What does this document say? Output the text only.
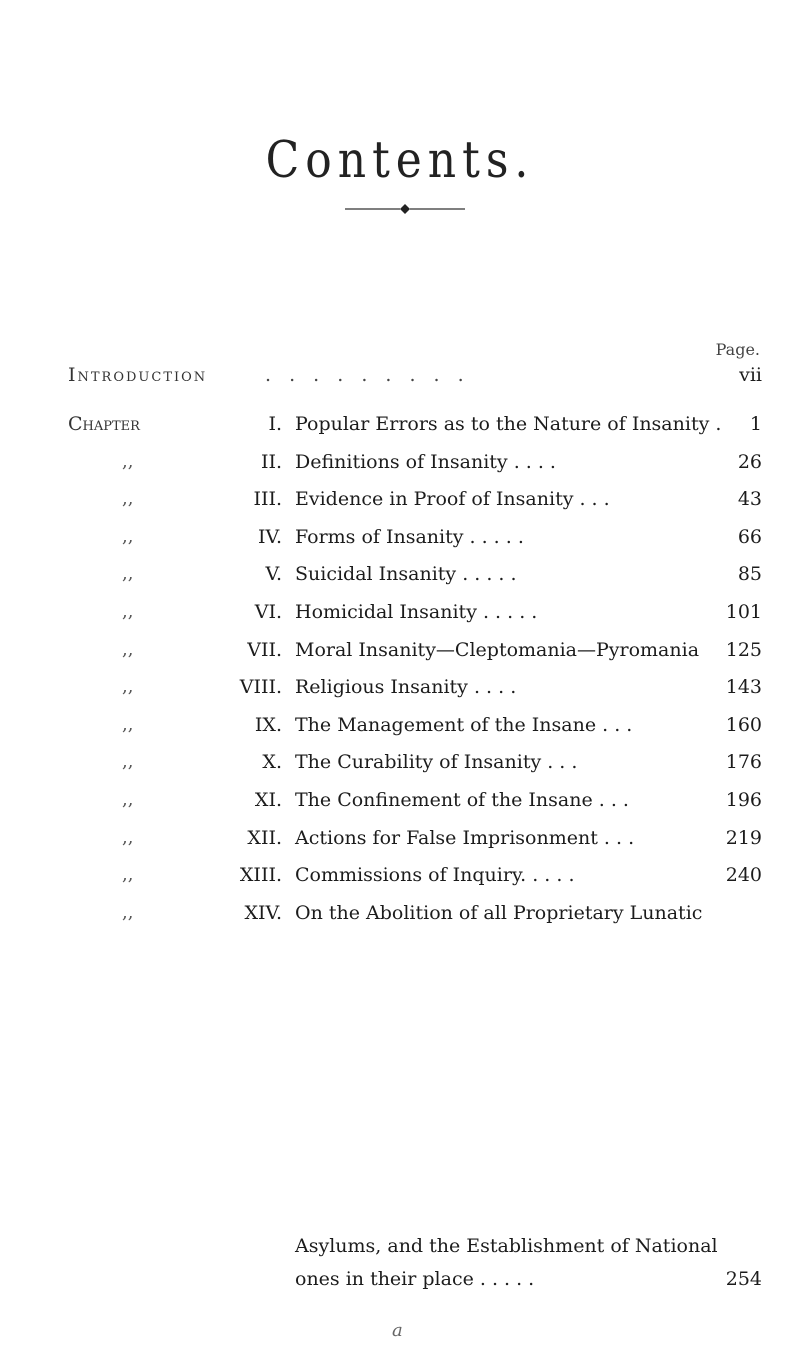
Contents.
Page.
Introduction	. . . . . . . . .	vii
Chapter	I. Popular Errors as to the Nature of Insanity . 1
,,	II. Definitions of Insanity . . . .	26
,,	III. Evidence in Proof of Insanity . . .	43
,,	IV. Forms of Insanity . . . . .	66
,,	V. Suicidal Insanity . . . . .	85
,,	VI. Homicidal Insanity . . . . .	101
,,	VII. Moral Insanity—Cleptomania—Pyromania 125
,,	VIII. Religious Insanity . . . .	143
,,	IX. The Management of the Insane . . .	160
,,	X. The Curability of Insanity . . .	176
,,	XI. The Confinement of the Insane . . .	196
,,	XII. Actions for False Imprisonment . . .	219
,,	XIII. Commissions of Inquiry. . . . .	240
,,	XIV. On the Abolition of all Proprietary Lunatic
Asylums, and the Establishment of National
ones in their place . . . . .	254
a
